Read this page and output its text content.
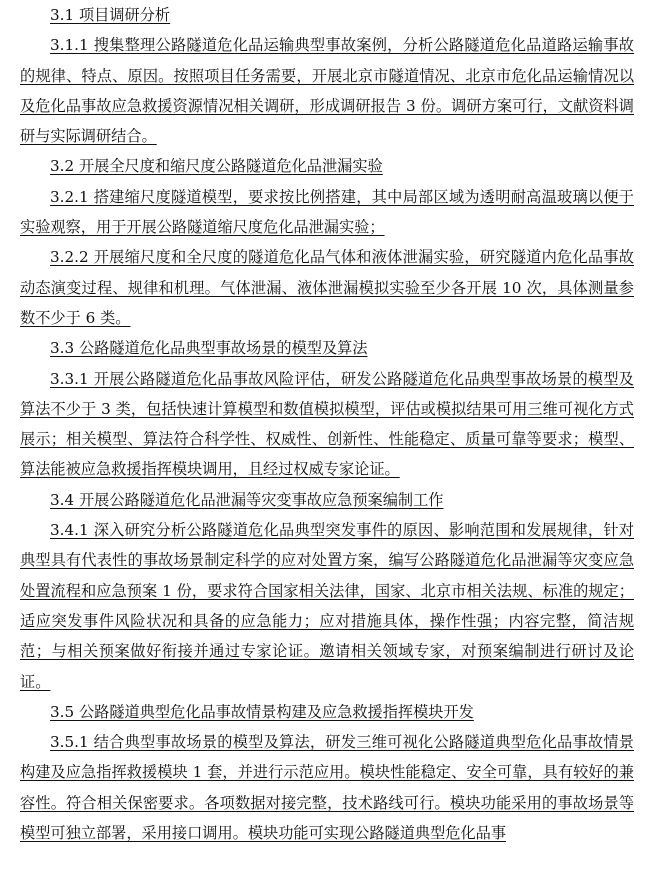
3.1 项目调研分析

3.1.1 搜集整理公路隧道危化品运输典型事故案例，分析公路隧道危化品道路运输事故的规律、特点、原因。按照项目任务需要，开展北京市隧道情况、北京市危化品运输情况以及危化品事故应急救援资源情况相关调研，形成调研报告 3 份。调研方案可行，文献资料调研与实际调研结合。

3.2 开展全尺度和缩尺度公路隧道危化品泄漏实验

3.2.1 搭建缩尺度隧道模型，要求按比例搭建，其中局部区域为透明耐高温玻璃以便于实验观察，用于开展公路隧道缩尺度危化品泄漏实验；

3.2.2 开展缩尺度和全尺度的隧道危化品气体和液体泄漏实验，研究隧道内危化品事故动态演变过程、规律和机理。气体泄漏、液体泄漏模拟实验至少各开展 10 次，具体测量参数不少于 6 类。

3.3 公路隧道危化品典型事故场景的模型及算法

3.3.1 开展公路隧道危化品事故风险评估，研发公路隧道危化品典型事故场景的模型及算法不少于 3 类，包括快速计算模型和数值模拟模型，评估或模拟结果可用三维可视化方式展示；相关模型、算法符合科学性、权威性、创新性、性能稳定、质量可靠等要求；模型、算法能被应急救援指挥模块调用，且经过权威专家论证。

3.4 开展公路隧道危化品泄漏等灾变事故应急预案编制工作

3.4.1 深入研究分析公路隧道危化品典型突发事件的原因、影响范围和发展规律，针对典型具有代表性的事故场景制定科学的应对处置方案，编写公路隧道危化品泄漏等灾变应急处置流程和应急预案 1 份，要求符合国家相关法律，国家、北京市相关法规、标准的规定；适应突发事件风险状况和具备的应急能力；应对措施具体，操作性强；内容完整，简洁规范；与相关预案做好衔接并通过专家论证。邀请相关领域专家，对预案编制进行研讨及论证。

3.5 公路隧道典型危化品事故情景构建及应急救援指挥模块开发

3.5.1 结合典型事故场景的模型及算法，研发三维可视化公路隧道典型危化品事故情景构建及应急指挥救援模块 1 套，并进行示范应用。模块性能稳定、安全可靠，具有较好的兼容性。符合相关保密要求。各项数据对接完整，技术路线可行。模块功能采用的事故场景等模型可独立部署，采用接口调用。模块功能可实现公路隧道典型危化品事
